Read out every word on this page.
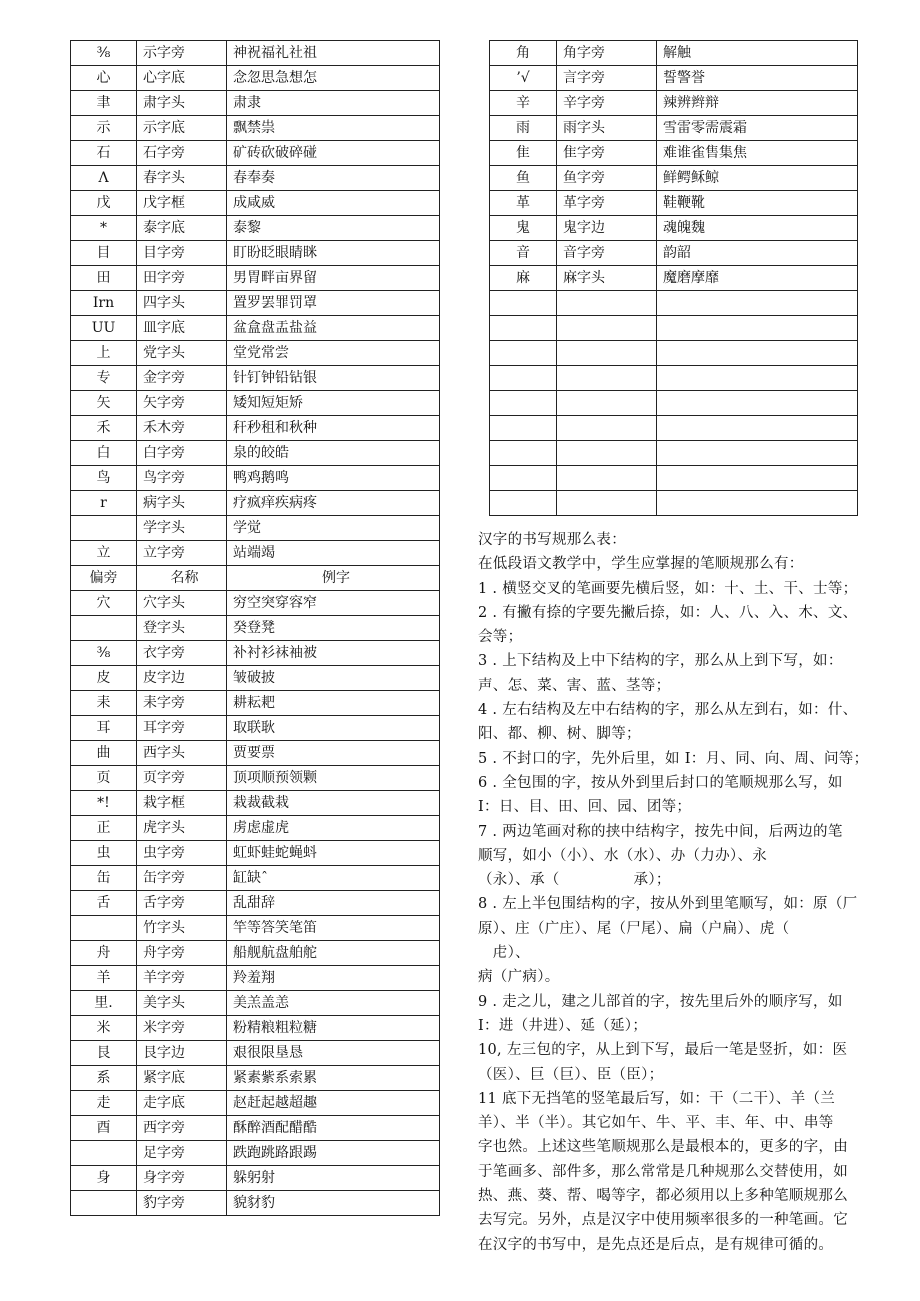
⅜	示字旁	神祝福礼社祖
心	心字底	念忽思急想怎
聿	肃字头	肃隶
示	示字底	飘禁祟
石	石字旁	矿砖砍破碎碰
Λ	春字头	春奉奏
戊	戊字框	成咸威
*	泰字底	泰黎
目	目字旁	盯盼眨眼睛眯
田	田字旁	男胃畔亩界留
Irn	四字头	置罗罢罪罚罩
UU	皿字底	盆盒盘盂盐益
上	党字头	堂党常尝
专	金字旁	针钉钟铅钻银
矢	矢字旁	矮知短矩矫
禾	禾木旁	秆秒租和秋种
白	白字旁	泉的皎皓
鸟	鸟字旁	鸭鸡鹅鸣
r	病字头	疗疯痒疾病疼
	学字头	学觉
立	立字旁	站端竭
偏旁	名称	例字
穴	穴字头	穷空突穿容窄
	登字头	癸登凳
⅜	衣字旁	补衬衫袜袖被
皮	皮字边	皱破披
耒	耒字旁	耕耘耙
耳	耳字旁	取联耿
曲	西字头	贾要票
页	页字旁	顶项顺预领颗
*!	栽字框	栽裁截栽
正	虎字头	虏虑虚虎
虫	虫字旁	虹虾蛙蛇蝇蚪
缶	缶字旁	缸缺ˆ
舌	舌字旁	乱甜辞
	竹字头	竿等答笑笔笛
舟	舟字旁	船舰航盘舶舵
羊	羊字旁	羚羞翔
里.	美字头	美羔盖恙
米	米字旁	粉精粮粗粒糖
艮	艮字边	艰很限垦恳
系	紧字底	紧素紫系索累
走	走字底	赵赶起越超趣
酉	西字旁	酥醉酒配醋酷
	足字旁	跌跑跳路跟踢
身	身字旁	躲躬射
	豹字旁	貌豺豹
角	角字旁	解触
’√	言字旁	誓警誉
辛	辛字旁	辣辨辫辩
雨	雨字头	雪雷零需震霜
隹	隹字旁	难谁雀售集焦
鱼	鱼字旁	鲜鳄稣鲸
革	革字旁	鞋鞭靴
鬼	鬼字边	魂魄魏
音	音字旁	韵韶
麻	麻字头	魔磨摩靡

汉字的书写规那么表：

在低段语文教学中，学生应掌握的笔顺规那么有：

1 . 横竖交叉的笔画要先横后竖，如：十、土、干、士等；

2 . 有撇有捺的字要先撇后捺，如：人、八、入、木、文、

会等；

3 . 上下结构及上中下结构的字，那么从上到下写，如：

声、怎、菜、害、蓝、茎等；

4 . 左右结构及左中右结构的字，那么从左到右，如：什、

阳、都、柳、树、脚等；

5 . 不封口的字，先外后里，如 I：月、同、向、周、问等；

6 . 全包围的字，按从外到里后封口的笔顺规那么写，如

I：日、目、田、回、园、团等；

7 . 两边笔画对称的挟中结构字，按先中间，后两边的笔

顺写，如小（小）、水（水）、办（力办）、永

（永）、承（　　　　　承）；

8 . 左上半包围结构的字，按从外到里笔顺写，如：原（厂

原）、庄（广庄）、尾（尸尾）、扁（户扁）、虎（

　虍）、

病（广病）。

9 . 走之儿，建之儿部首的字，按先里后外的顺序写，如

I：进（井进）、延（延）；

10, 左三包的字，从上到下写，最后一笔是竖折，如：医

（医）、巨（巨）、臣（臣）；

11 底下无挡笔的竖笔最后写，如：干（二干）、羊（兰

羊）、半（半）。其它如午、牛、平、丰、年、中、串等

字也然。上述这些笔顺规那么是最根本的，更多的字，由

于笔画多、部件多，那么常常是几种规那么交替使用，如

热、燕、葵、帮、喝等字，都必须用以上多种笔顺规那么

去写完。另外，点是汉字中使用频率很多的一种笔画。它

在汉字的书写中，是先点还是后点，是有规律可循的。
